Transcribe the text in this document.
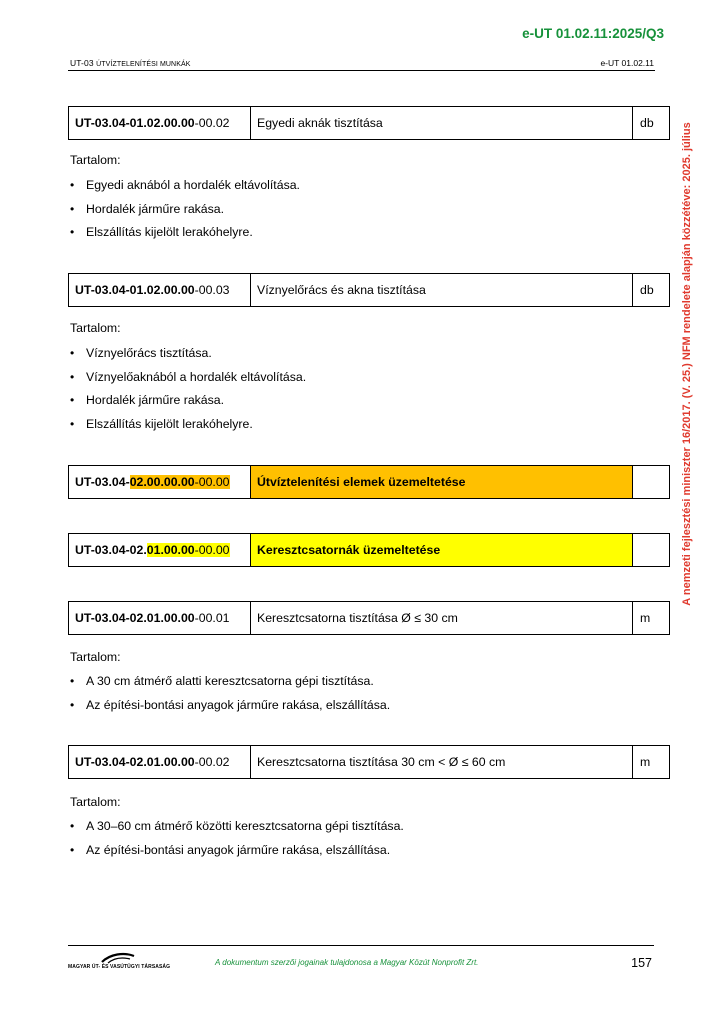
e-UT 01.02.11:2025/Q3
UT-03 ÚTVÍZTELENÍTÉSI MUNKÁK	e-UT 01.02.11
A nemzeti fejlesztési miniszter 16/2017. (V. 25.) NFM rendelete alapján közzétéve: 2025. július
UT-03.04-01.02.00.00 -00.02	Egyedi aknák tisztítása	db
Tartalom:
• Egyedi aknából a hordalék eltávolítása.
• Hordalék járműre rakása.
• Elszállítás kijelölt lerakóhelyre.
UT-03.04-01.02.00.00 -00.03	Víznyelőrács és akna tisztítása	db
Tartalom:
• Víznyelőrács tisztítása.
• Víznyelőaknából a hordalék eltávolítása.
• Hordalék járműre rakása.
• Elszállítás kijelölt lerakóhelyre.
UT-03.04- 02.00.00.00 -00.00	Útvíztelenítési elemek üzemeltetése
UT-03.04-02. 01.00.00 -00.00	Keresztcsatornák üzemeltetése
UT-03.04-02.01.00.00 -00.01	Keresztcsatorna tisztítása Ø ≤ 30 cm	m
Tartalom:
• A 30 cm átmérő alatti keresztcsatorna gépi tisztítása.
• Az építési-bontási anyagok járműre rakása, elszállítása.
UT-03.04-02.01.00.00 -00.02	Keresztcsatorna tisztítása 30 cm < Ø ≤ 60 cm	m
Tartalom:
• A 30–60 cm átmérő közötti keresztcsatorna gépi tisztítása.
• Az építési-bontási anyagok járműre rakása, elszállítása.
MAGYAR ÚT- ÉS VASÚTÜGYI TÁRSASÁG	A dokumentum szerzői jogainak tulajdonosa a Magyar Közút Nonprofit Zrt.	157
